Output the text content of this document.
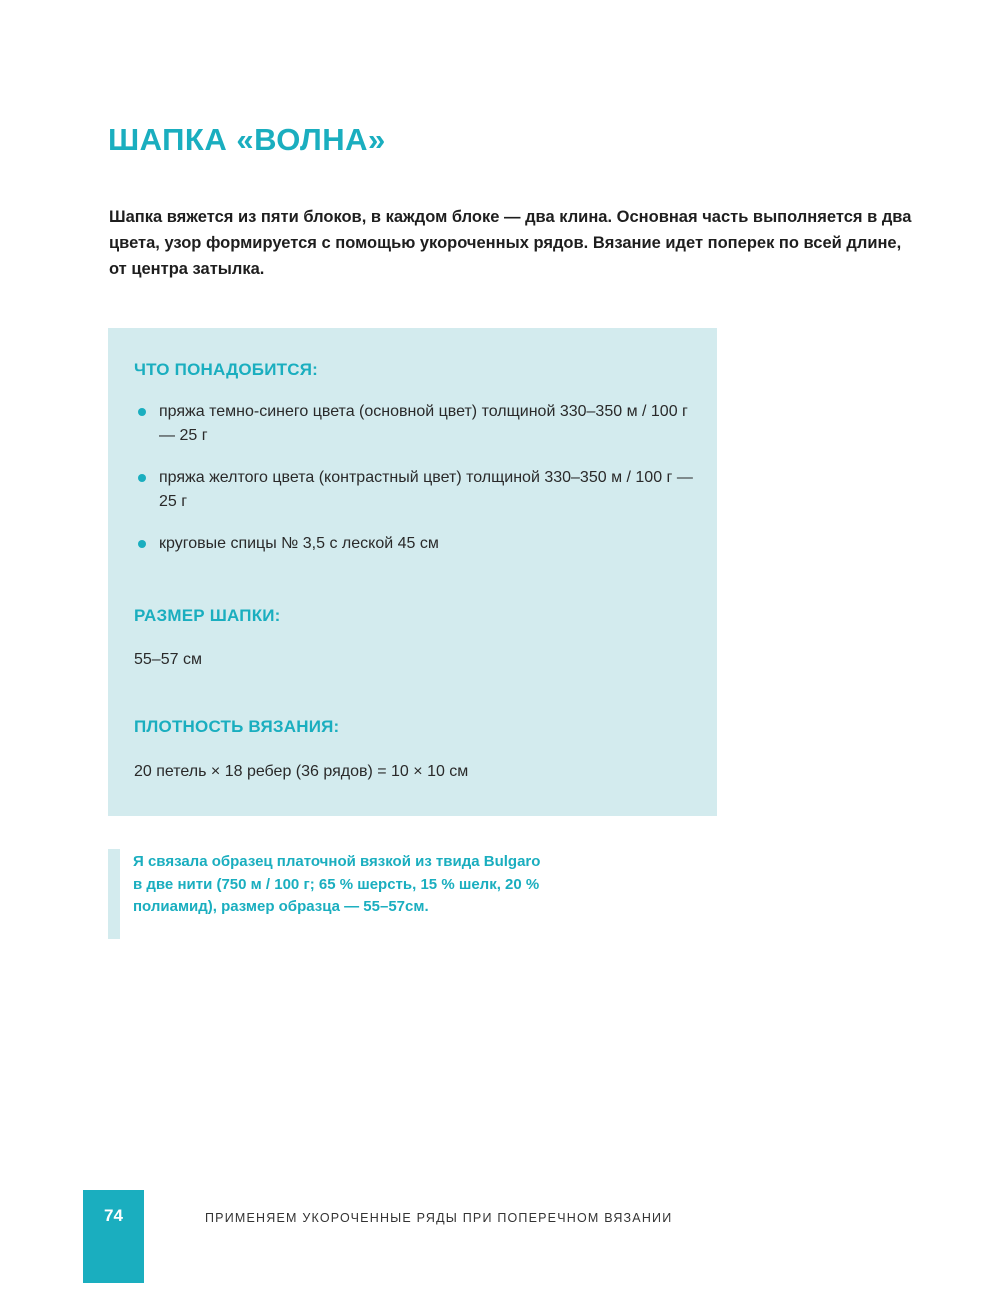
ШАПКА «ВОЛНА»

Шапка вяжется из пяти блоков, в каждом блоке — два клина. Основная часть выполняется в два цвета, узор формируется с помощью укороченных рядов. Вязание идет поперек по всей длине, от центра затылка.

ЧТО ПОНАДОБИТСЯ:
пряжа темно-синего цвета (основной цвет) толщиной 330–350 м / 100 г — 25 г
пряжа желтого цвета (контрастный цвет) толщиной 330–350 м / 100 г — 25 г
круговые спицы № 3,5 с леской 45 см
РАЗМЕР ШАПКИ:

55–57 см

ПЛОТНОСТЬ ВЯЗАНИЯ:

20 петель × 18 ребер (36 рядов) = 10 × 10 см

Я связала образец платочной вязкой из твида Bulgaro в две нити (750 м / 100 г; 65 % шерсть, 15 % шелк, 20 % полиамид), размер образца — 55–57см.

74	ПРИМЕНЯЕМ УКОРОЧЕННЫЕ РЯДЫ ПРИ ПОПЕРЕЧНОМ ВЯЗАНИИ
